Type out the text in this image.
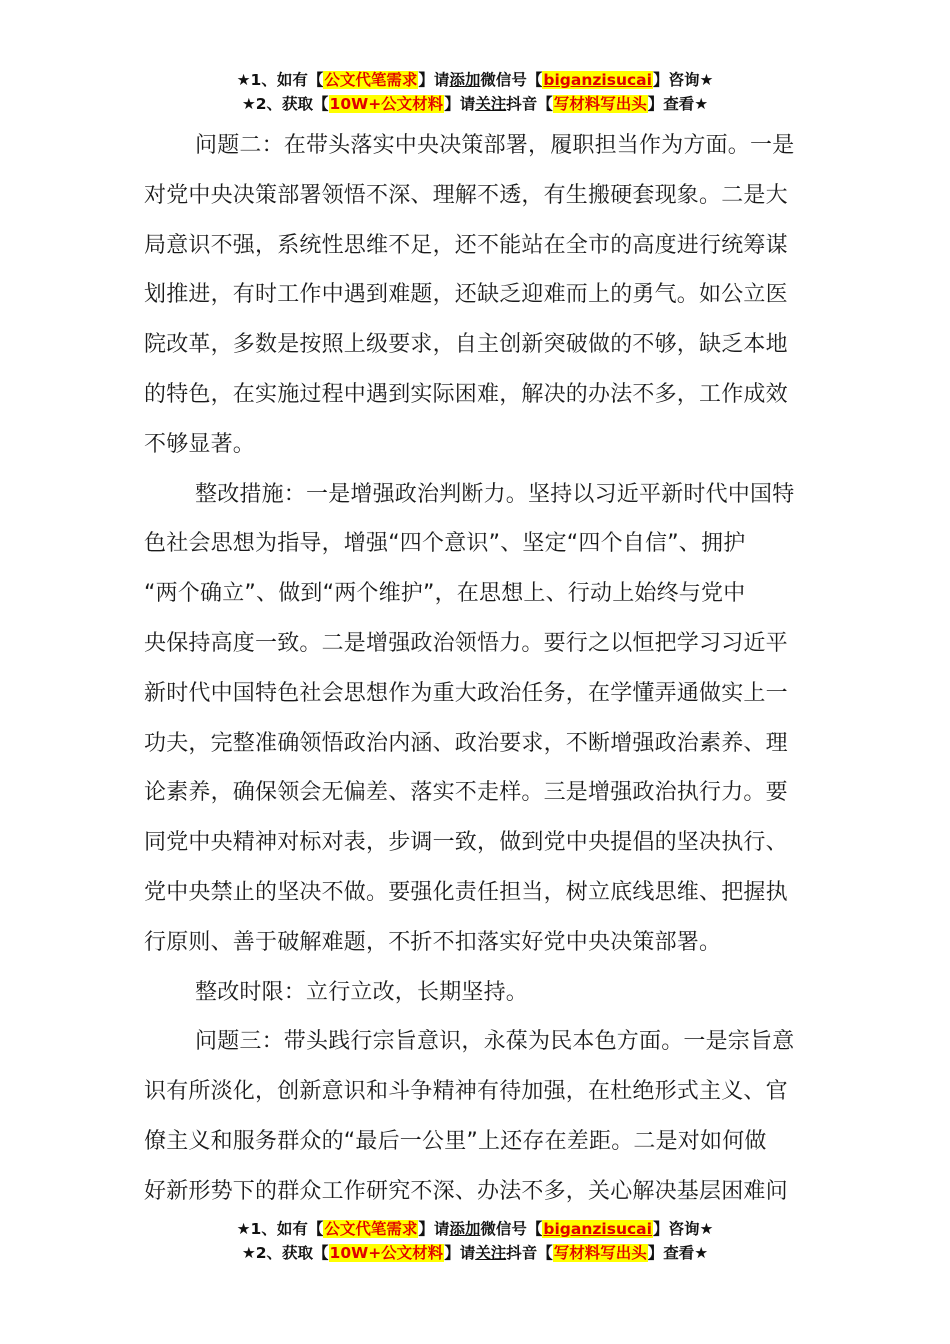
★1、如有【公文代笔需求】请添加微信号【biganzisucai】咨询★
★2、获取【10W+公文材料】请关注抖音【写材料写出头】查看★

问题二：在带头落实中央决策部署，履职担当作为方面。一是
对党中央决策部署领悟不深、理解不透，有生搬硬套现象。二是大
局意识不强，系统性思维不足，还不能站在全市的高度进行统筹谋
划推进，有时工作中遇到难题，还缺乏迎难而上的勇气。如公立医
院改革，多数是按照上级要求，自主创新突破做的不够，缺乏本地
的特色，在实施过程中遇到实际困难，解决的办法不多，工作成效
不够显著。

整改措施：一是增强政治判断力。坚持以习近平新时代中国特
色社会思想为指导，增强“四个意识”、坚定“四个自信”、拥护
“两个确立”、做到“两个维护”，在思想上、行动上始终与党中
央保持高度一致。二是增强政治领悟力。要行之以恒把学习习近平
新时代中国特色社会思想作为重大政治任务，在学懂弄通做实上一
功夫，完整准确领悟政治内涵、政治要求，不断增强政治素养、理
论素养，确保领会无偏差、落实不走样。三是增强政治执行力。要
同党中央精神对标对表，步调一致，做到党中央提倡的坚决执行、
党中央禁止的坚决不做。要强化责任担当，树立底线思维、把握执
行原则、善于破解难题，不折不扣落实好党中央决策部署。

整改时限：立行立改，长期坚持。

问题三：带头践行宗旨意识，永葆为民本色方面。一是宗旨意
识有所淡化，创新意识和斗争精神有待加强，在杜绝形式主义、官
僚主义和服务群众的“最后一公里”上还存在差距。二是对如何做
好新形势下的群众工作研究不深、办法不多，关心解决基层困难问

★1、如有【公文代笔需求】请添加微信号【biganzisucai】咨询★
★2、获取【10W+公文材料】请关注抖音【写材料写出头】查看★
